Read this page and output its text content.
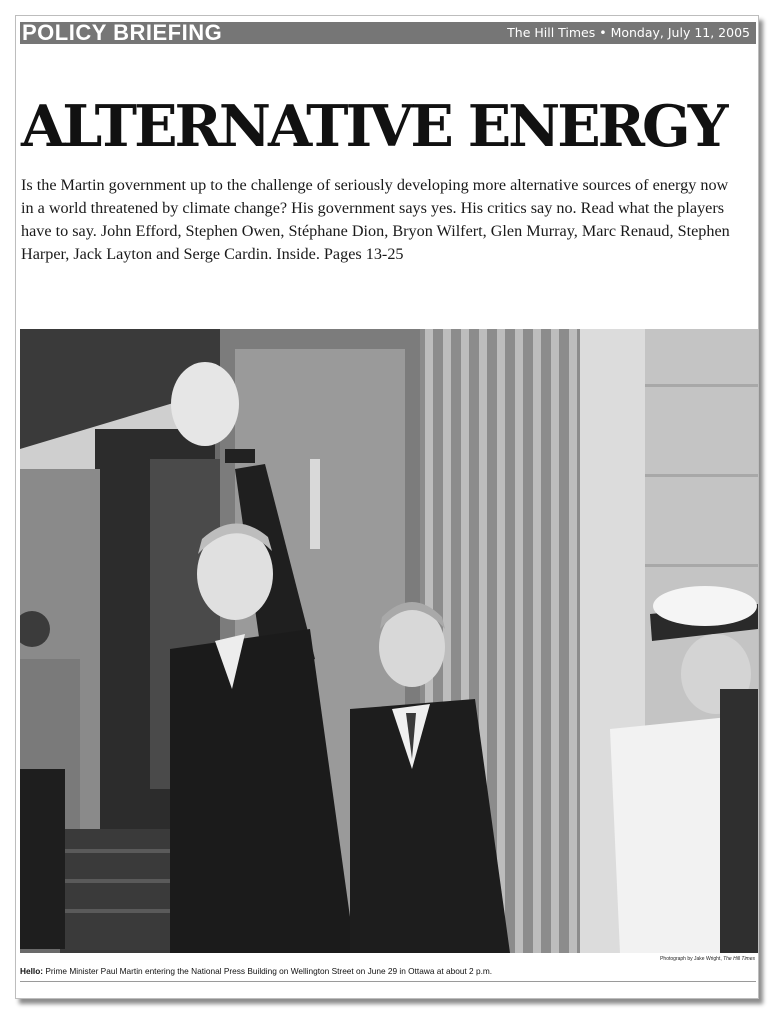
POLICY BRIEFING	The Hill Times • Monday, July 11, 2005
ALTERNATIVE ENERGY

Is the Martin government up to the challenge of seriously developing more alternative sources of energy now in a world threatened by climate change? His government says yes. His critics say no. Read what the players have to say. John Efford, Stephen Owen, Stéphane Dion, Bryon Wilfert, Glen Murray, Marc Renaud, Stephen Harper, Jack Layton and Serge Cardin. Inside. Pages 13-25

Photograph by Jake Wright, The Hill Times
Hello: Prime Minister Paul Martin entering the National Press Building on Wellington Street on June 29 in Ottawa at about 2 p.m.
